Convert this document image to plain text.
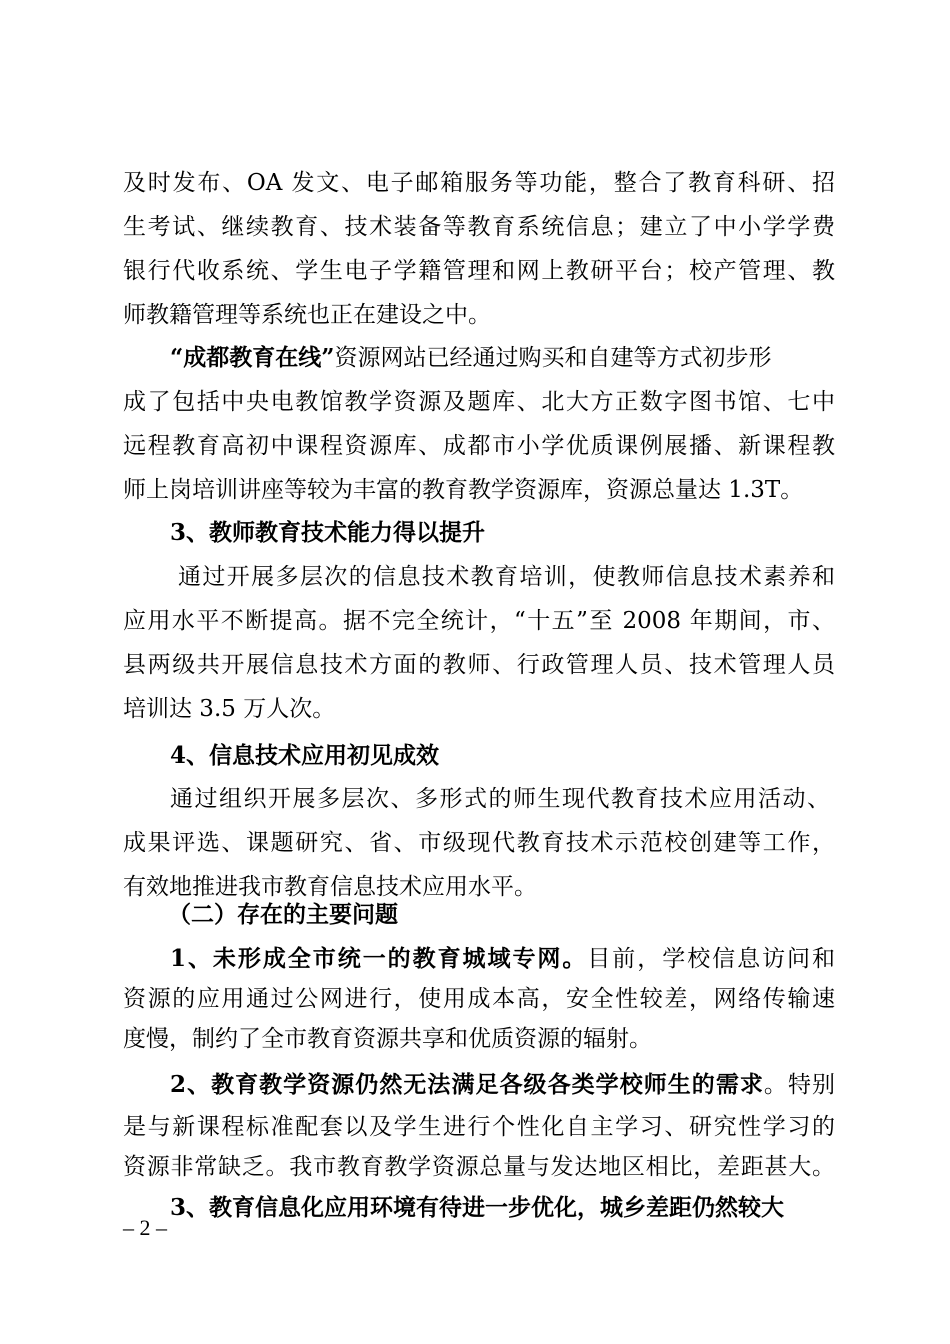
及时发布、OA 发文、电子邮箱服务等功能，整合了教育科研、招
生考试、继续教育、技术装备等教育系统信息；建立了中小学学费
银行代收系统、学生电子学籍管理和网上教研平台；校产管理、教
师教籍管理等系统也正在建设之中。
“成都教育在线”资源网站已经通过购买和自建等方式初步形
成了包括中央电教馆教学资源及题库、北大方正数字图书馆、七中
远程教育高初中课程资源库、成都市小学优质课例展播、新课程教
师上岗培训讲座等较为丰富的教育教学资源库，资源总量达 1.3T。
3、教师教育技术能力得以提升
通过开展多层次的信息技术教育培训，使教师信息技术素养和
应用水平不断提高。据不完全统计，“十五”至 2008 年期间，市、
县两级共开展信息技术方面的教师、行政管理人员、技术管理人员
培训达 3.5 万人次。
4、信息技术应用初见成效
通过组织开展多层次、多形式的师生现代教育技术应用活动、
成果评选、课题研究、省、市级现代教育技术示范校创建等工作，
有效地推进我市教育信息技术应用水平。
（二）存在的主要问题
1、未形成全市统一的教育城域专网。目前，学校信息访问和
资源的应用通过公网进行，使用成本高，安全性较差，网络传输速
度慢，制约了全市教育资源共享和优质资源的辐射。
2、教育教学资源仍然无法满足各级各类学校师生的需求。特别
是与新课程标准配套以及学生进行个性化自主学习、研究性学习的
资源非常缺乏。我市教育教学资源总量与发达地区相比，差距甚大。
3、教育信息化应用环境有待进一步优化，城乡差距仍然较大
– 2 –
